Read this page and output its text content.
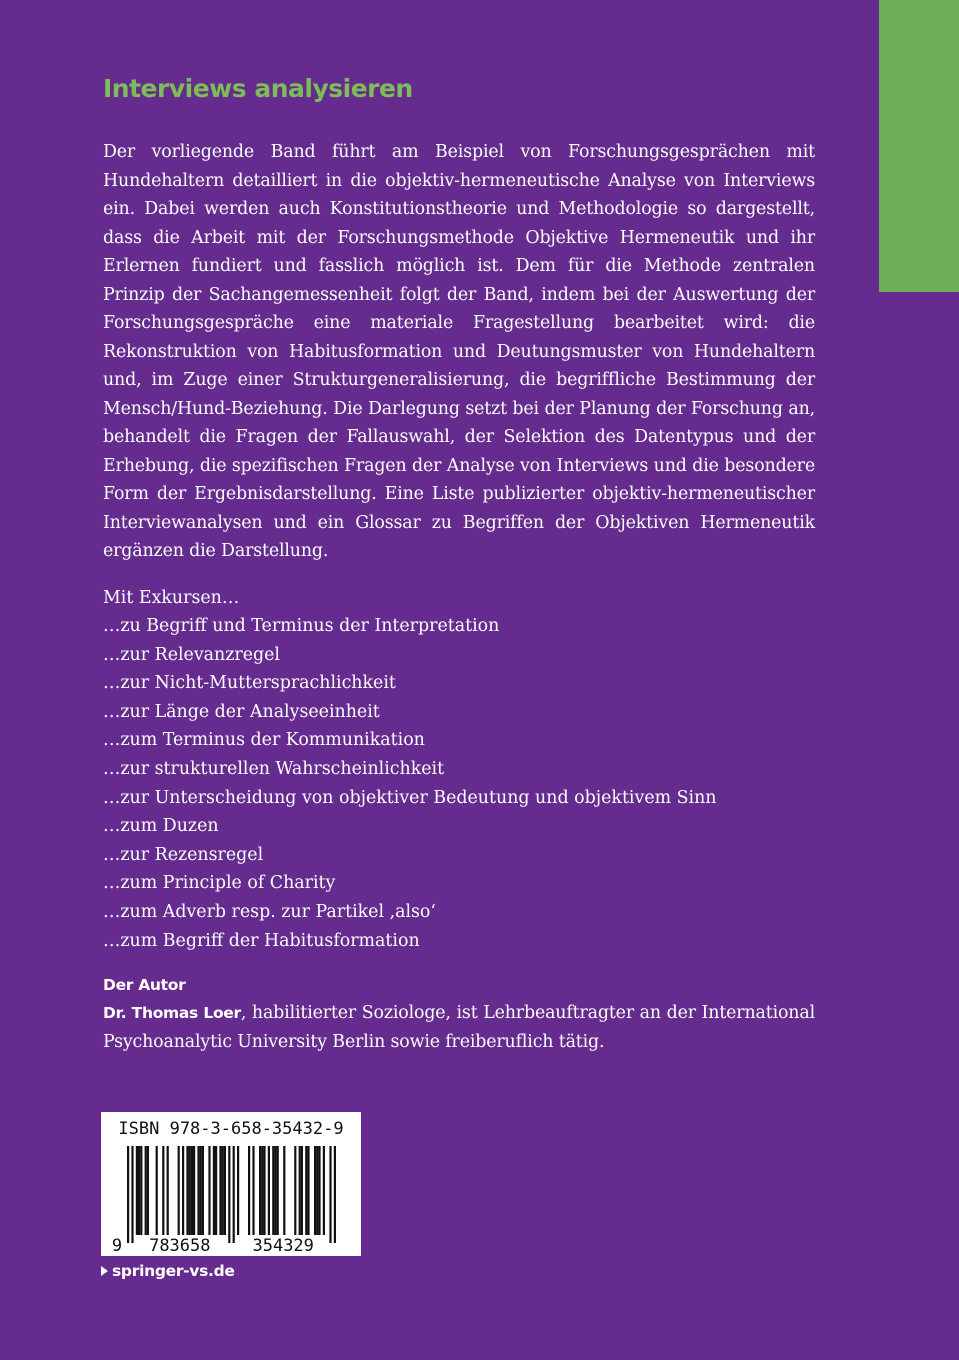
Interviews analysieren

Der vorliegende Band führt am Beispiel von Forschungsgesprächen mit Hundehaltern detailliert in die objektiv-hermeneutische Analyse von Interviews ein. Dabei werden auch Konstitutionstheorie und Methodologie so dargestellt, dass die Arbeit mit der Forschungsmethode Objektive Hermeneutik und ihr Erlernen fundiert und fasslich möglich ist. Dem für die Methode zentralen Prinzip der Sachangemessenheit folgt der Band, indem bei der Auswertung der Forschungsgespräche eine materiale Fragestellung bearbeitet wird: die Rekonstruktion von Habitusformation und Deutungsmuster von Hundehaltern und, im Zuge einer Strukturgeneralisierung, die begriffliche Bestimmung der Mensch/Hund-Beziehung. Die Darlegung setzt bei der Planung der Forschung an, behandelt die Fragen der Fallauswahl, der Selektion des Datentypus und der Erhebung, die spezifischen Fragen der Analyse von Interviews und die besondere Form der Ergebnisdarstellung. Eine Liste publizierter objektiv-hermeneutischer Interviewanalysen und ein Glossar zu Begriffen der Objektiven Hermeneutik ergänzen die Darstellung.

Mit Exkursen…
…zu Begriff und Terminus der Interpretation
…zur Relevanzregel
…zur Nicht-Muttersprachlichkeit
…zur Länge der Analyseeinheit
…zum Terminus der Kommunikation
…zur strukturellen Wahrscheinlichkeit
…zur Unterscheidung von objektiver Bedeutung und objektivem Sinn
…zum Duzen
…zur Rezensregel
…zum Principle of Charity
…zum Adverb resp. zur Partikel ‚also‘
…zum Begriff der Habitusformation
Der Autor

Dr. Thomas Loer, habilitierter Soziologe, ist Lehrbeauftragter an der International Psychoanalytic University Berlin sowie freiberuflich tätig.

ISBN 978-3-658-35432-9
9 783658 354329
springer-vs.de
